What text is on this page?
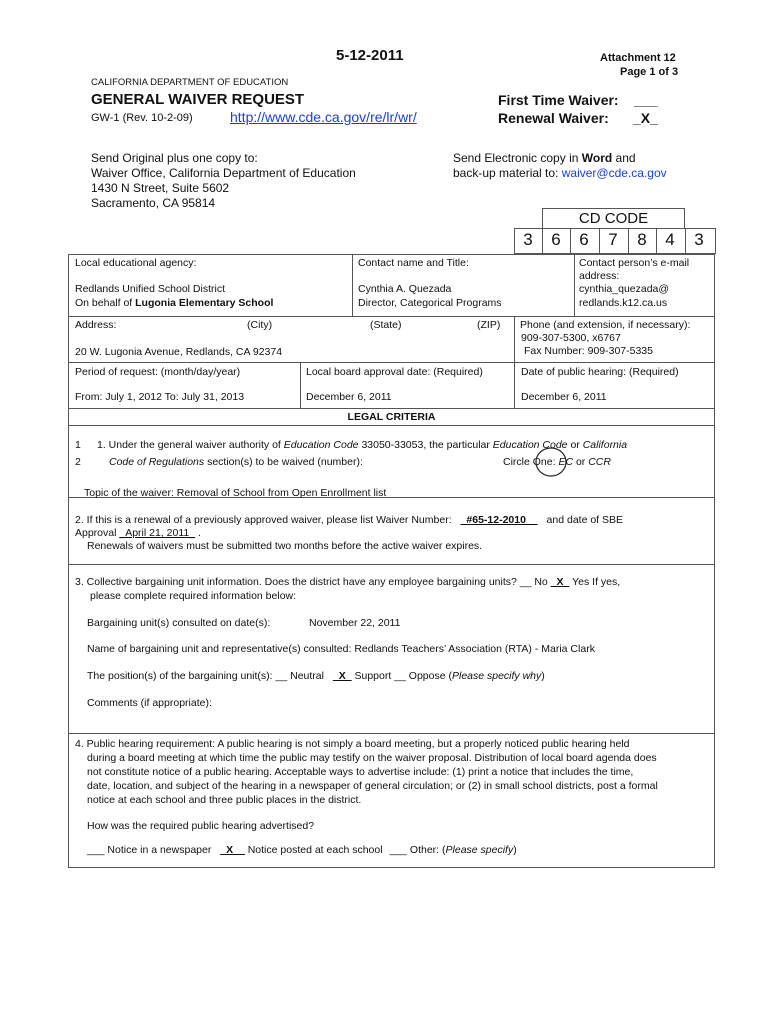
5-12-2011	Attachment 12
Page 1 of 3
CALIFORNIA DEPARTMENT OF EDUCATION
GENERAL WAIVER REQUEST
GW-1 (Rev. 10-2-09)	http://www.cde.ca.gov/re/lr/wr/
First Time Waiver: ___
Renewal Waiver: _X_
Send Original plus one copy to:
Waiver Office, California Department of Education
1430 N Street, Suite 5602
Sacramento, CA 95814
Send Electronic copy in Word and
back-up material to: waiver@cde.ca.gov
CD CODE
3	6	6	7	8	4	3
Local educational agency:
Redlands Unified School District
On behalf of Lugonia Elementary School
Contact name and Title:
Cynthia A. Quezada
Director, Categorical Programs
Contact person’s e-mail
address:
cynthia_quezada@
redlands.k12.ca.us
Address:	(City)	(State)	(ZIP)
20 W. Lugonia Avenue, Redlands, CA 92374
Phone (and extension, if necessary):
909-307-5300, x6767
Fax Number: 909-307-5335
Period of request: (month/day/year)
From: July 1, 2012 To: July 31, 2013
Local board approval date: (Required)
December 6, 2011
Date of public hearing: (Required)
December 6, 2011
LEGAL CRITERIA
1
2
1. Under the general waiver authority of Education Code 33050-33053, the particular Education Code or California
Code of Regulations section(s) to be waived (number):	Circle One: EC or CCR
Topic of the waiver: Removal of School from Open Enrollment list
2. If this is a renewal of a previously approved waiver, please list Waiver Number: _#65-12-2010__ and date of SBE
Approval _April 21, 2011_ .
Renewals of waivers must be submitted two months before the active waiver expires.
3. Collective bargaining unit information. Does the district have any employee bargaining units? __ No _X_ Yes If yes,
please complete required information below:
Bargaining unit(s) consulted on date(s):	November 22, 2011
Name of bargaining unit and representative(s) consulted: Redlands Teachers’ Association (RTA) - Maria Clark
The position(s) of the bargaining unit(s): __ Neutral _X_ Support __ Oppose (Please specify why)
Comments (if appropriate):
4. Public hearing requirement: A public hearing is not simply a board meeting, but a properly noticed public hearing held
during a board meeting at which time the public may testify on the waiver proposal. Distribution of local board agenda does
not constitute notice of a public hearing. Acceptable ways to advertise include: (1) print a notice that includes the time,
date, location, and subject of the hearing in a newspaper of general circulation; or (2) in small school districts, post a formal
notice at each school and three public places in the district.
How was the required public hearing advertised?
___ Notice in a newspaper _X__ Notice posted at each school ___ Other: (Please specify)
